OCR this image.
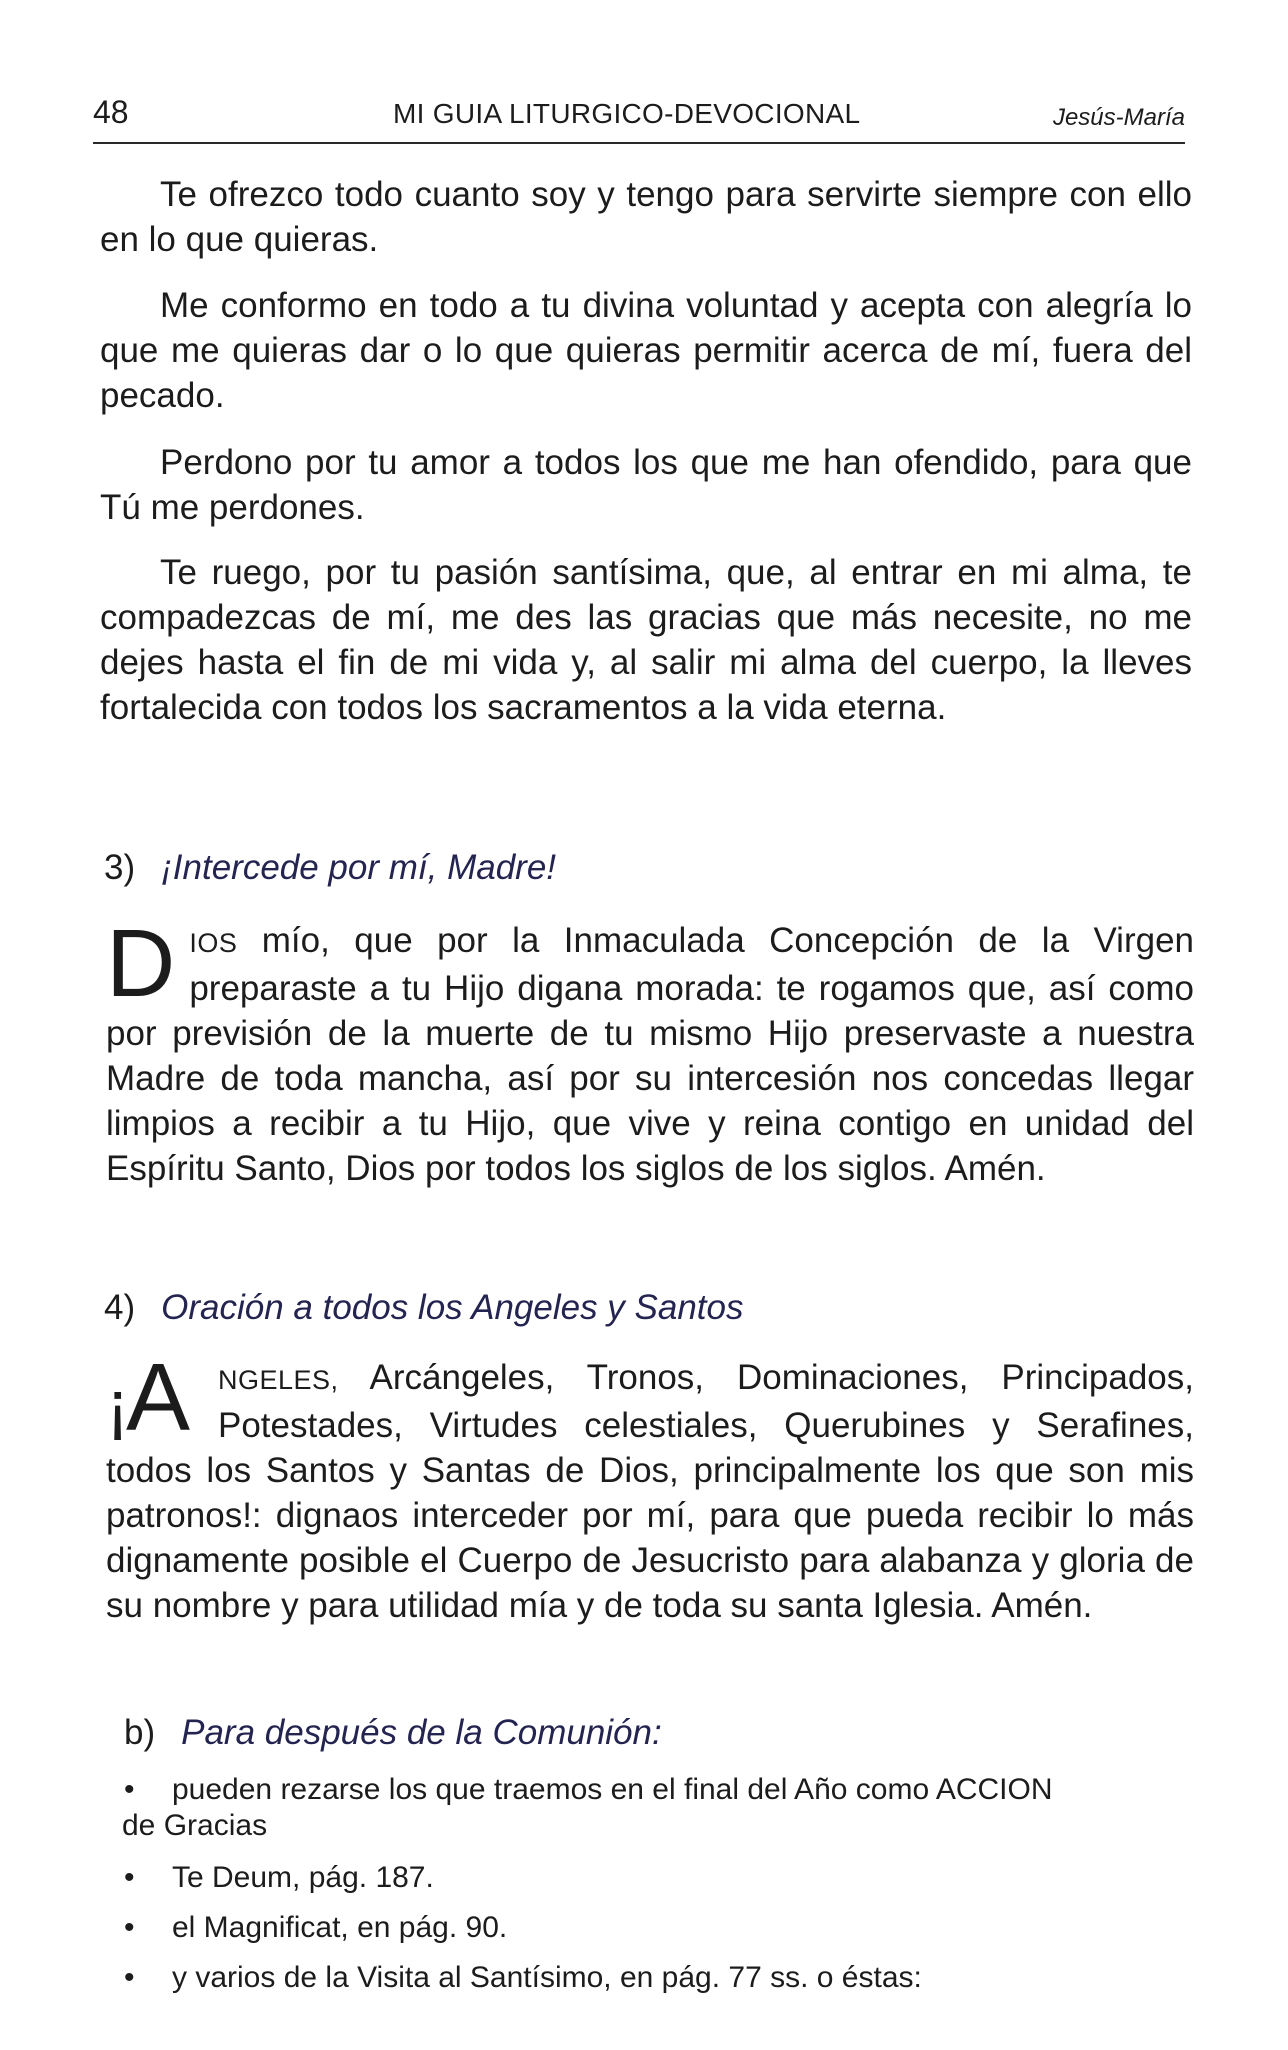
48	MI GUIA LITURGICO-DEVOCIONAL	Jesús-María

Te ofrezco todo cuanto soy y tengo para servirte siempre con ello en lo que quieras.

Me conformo en todo a tu divina voluntad y acepta con alegría lo que me quieras dar o lo que quieras permitir acerca de mí, fuera del pecado.

Perdono por tu amor a todos los que me han ofendido, para que Tú me perdones.

Te ruego, por tu pasión santísima, que, al entrar en mi alma, te compadezcas de mí, me des las gracias que más necesite, no me dejes hasta el fin de mi vida y, al salir mi alma del cuerpo, la lleves fortalecida con todos los sacramentos a la vida eterna.

3) ¡Intercede por mí, Madre!

DIOS mío, que por la Inmaculada Concepción de la Virgen preparaste a tu Hijo digana morada: te rogamos que, así como por previsión de la muerte de tu mismo Hijo preservaste a nuestra Madre de toda mancha, así por su intercesión nos concedas llegar limpios a recibir a tu Hijo, que vive y reina contigo en unidad del Espíritu Santo, Dios por todos los siglos de los siglos. Amén.

4) Oración a todos los Angeles y Santos

¡
A NGELES, Arcángeles, Tronos, Dominaciones, Principados, Potestades, Virtudes celestiales, Querubines y Serafines, todos los Santos y Santas de Dios, principalmente los que son mis patronos!: dignaos interceder por mí, para que pueda recibir lo más dignamente posible el Cuerpo de Jesucristo para alabanza y gloria de su nombre y para utilidad mía y de toda su santa Iglesia. Amén.

b) Para después de la Comunión:

•	pueden rezarse los que traemos en el final del Año como ACCION
de Gracias
•	Te Deum, pág. 187.
•	el Magnificat, en pág. 90.
•	y varios de la Visita al Santísimo, en pág. 77 ss. o éstas:
